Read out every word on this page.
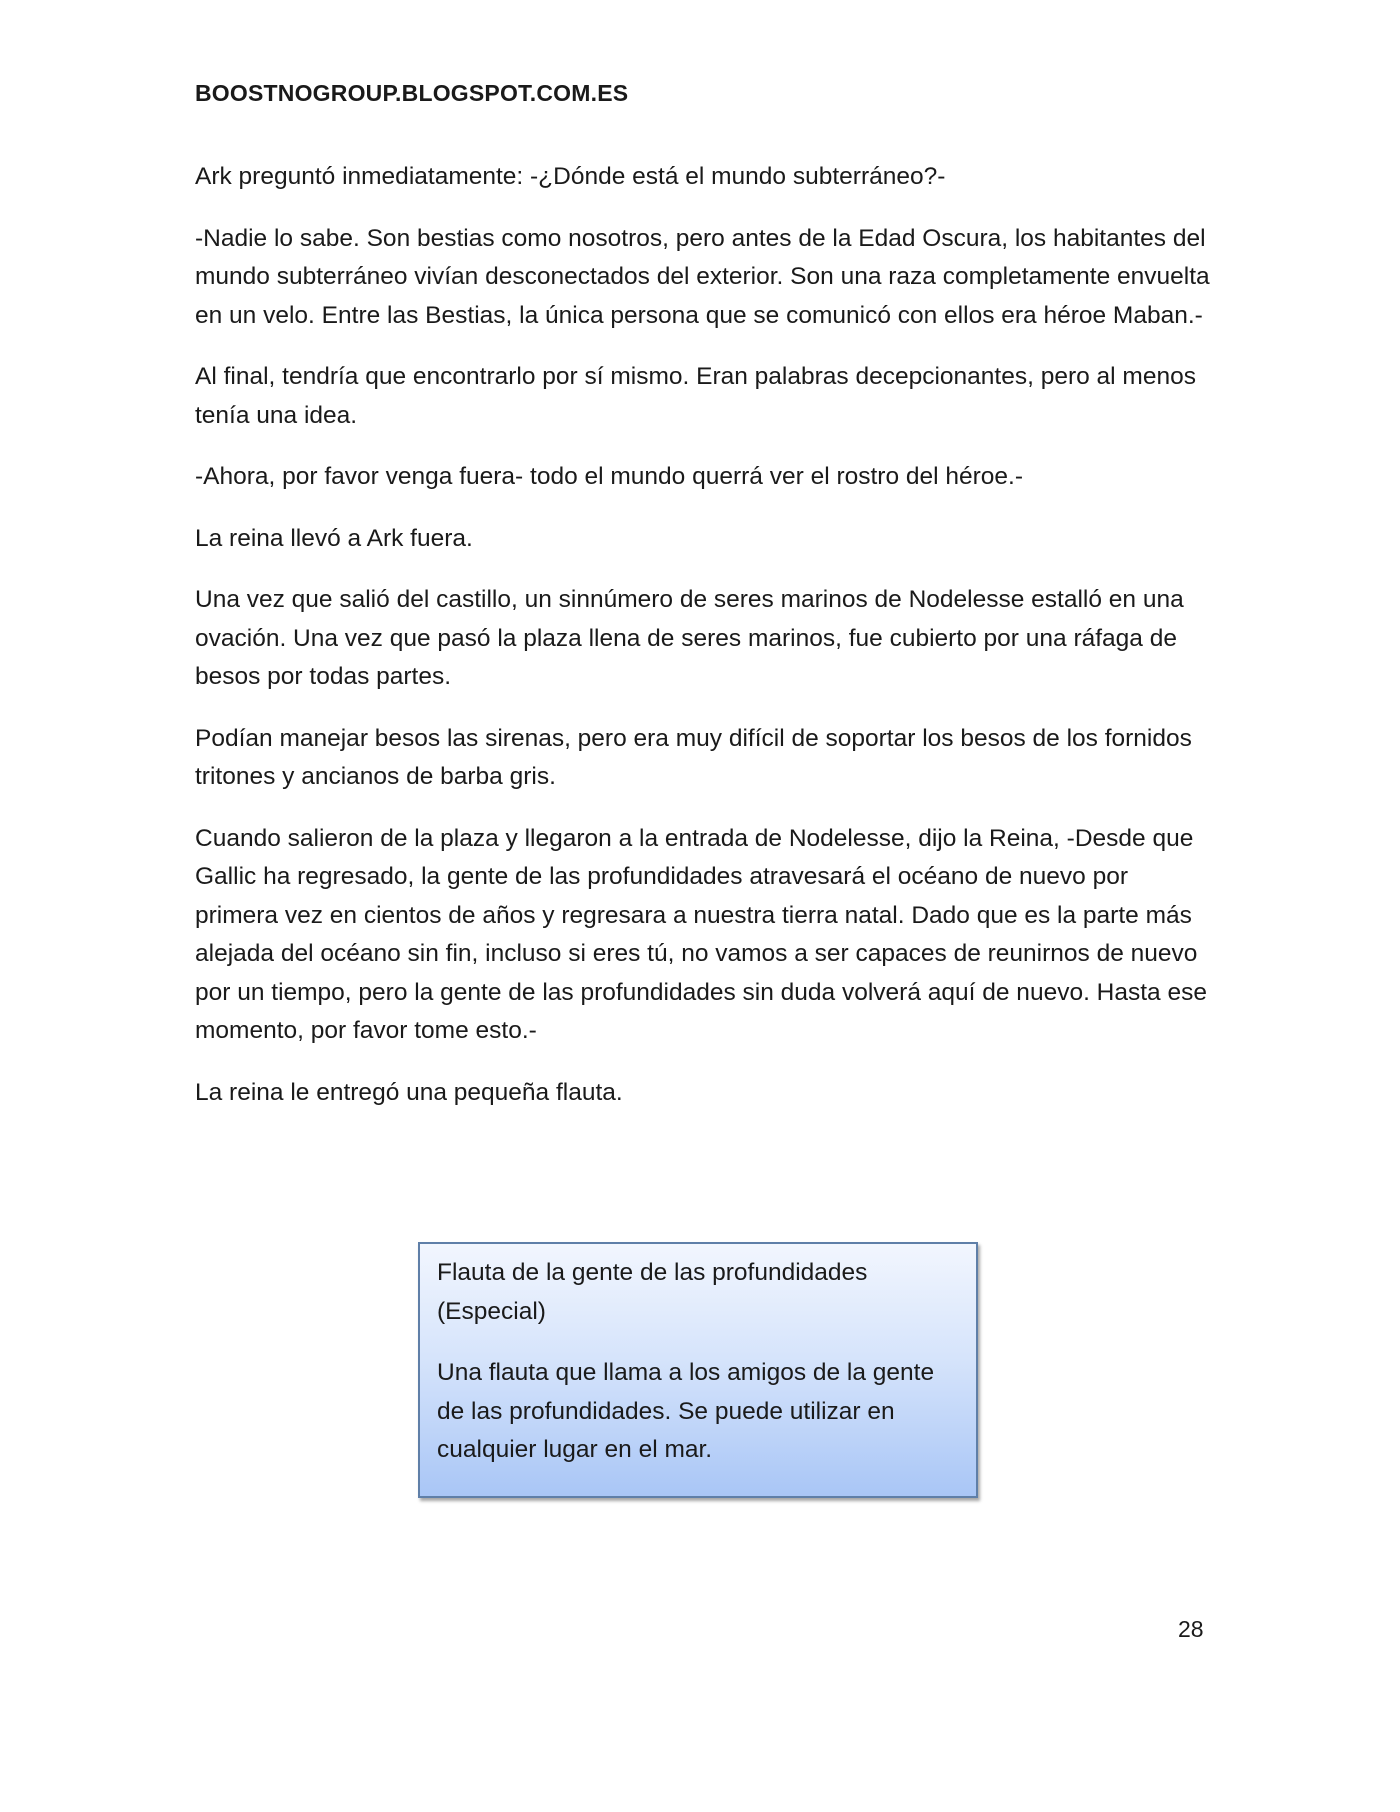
BOOSTNOGROUP.BLOGSPOT.COM.ES

Ark preguntó inmediatamente: -¿Dónde está el mundo subterráneo?-

-Nadie lo sabe. Son bestias como nosotros, pero antes de la Edad Oscura, los habitantes del mundo subterráneo vivían desconectados del exterior. Son una raza completamente envuelta en un velo. Entre las Bestias, la única persona que se comunicó con ellos era héroe Maban.-

Al final, tendría que encontrarlo por sí mismo. Eran palabras decepcionantes, pero al menos tenía una idea.

-Ahora, por favor venga fuera- todo el mundo querrá ver el rostro del héroe.-

La reina llevó a Ark fuera.

Una vez que salió del castillo, un sinnúmero de seres marinos de Nodelesse estalló en una ovación. Una vez que pasó la plaza llena de seres marinos, fue cubierto por una ráfaga de besos por todas partes.

Podían manejar besos las sirenas, pero era muy difícil de soportar los besos de los fornidos tritones y ancianos de barba gris.

Cuando salieron de la plaza y llegaron a la entrada de Nodelesse, dijo la Reina, -Desde que Gallic ha regresado, la gente de las profundidades atravesará el océano de nuevo por primera vez en cientos de años y regresara a nuestra tierra natal. Dado que es la parte más alejada del océano sin fin, incluso si eres tú, no vamos a ser capaces de reunirnos de nuevo por un tiempo, pero la gente de las profundidades sin duda volverá aquí de nuevo. Hasta ese momento, por favor tome esto.-

La reina le entregó una pequeña flauta.

Flauta de la gente de las profundidades (Especial)

Una flauta que llama a los amigos de la gente de las profundidades. Se puede utilizar en cualquier lugar en el mar.

28
